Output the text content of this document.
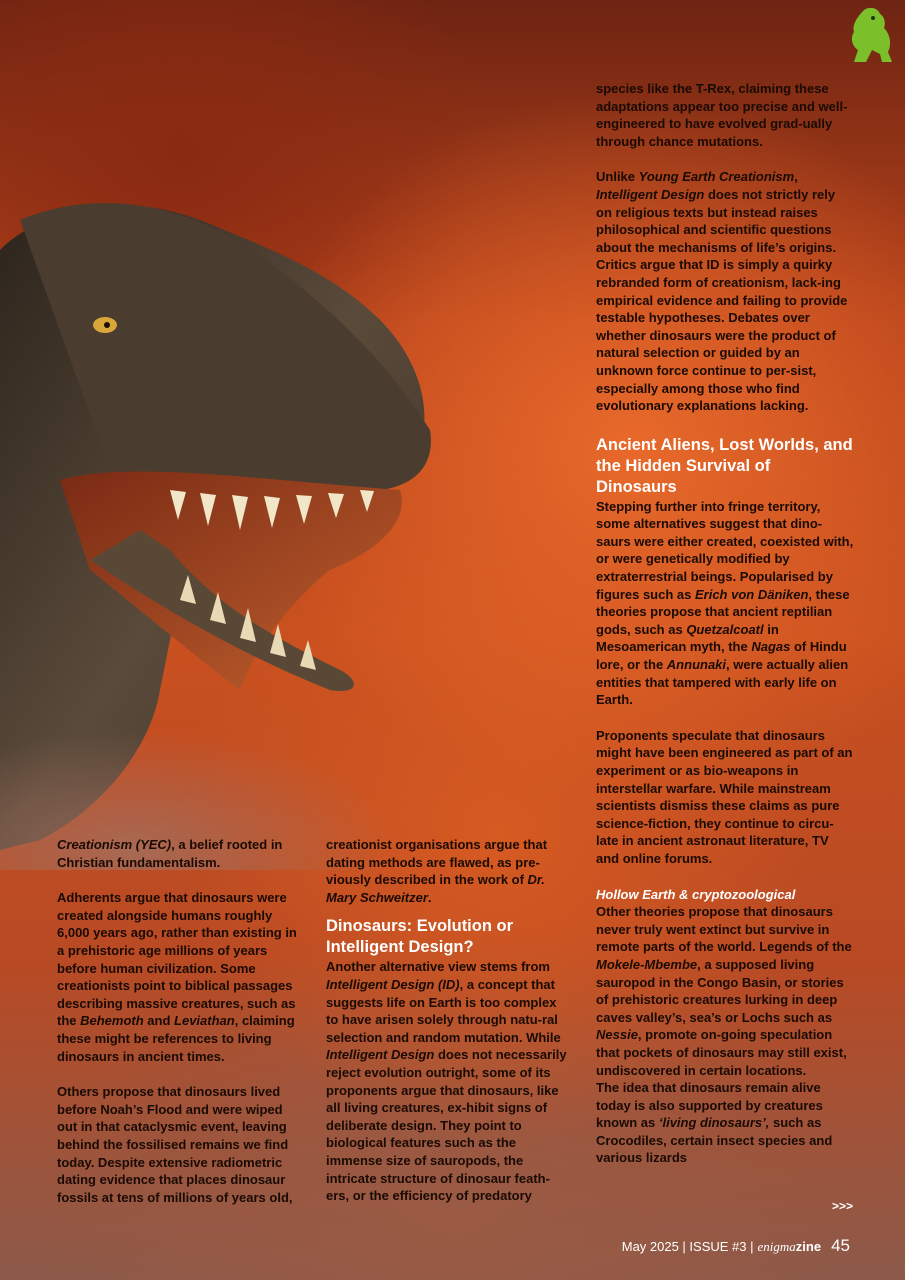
Creationism (YEC), a belief rooted in Christian fundamentalism.

Adherents argue that dinosaurs were created alongside humans roughly 6,000 years ago, rather than existing in a prehistoric age millions of years before human civilization. Some creationists point to biblical passages describing massive creatures, such as the Behemoth and Leviathan, claiming these might be references to living dinosaurs in ancient times.

Others propose that dinosaurs lived before Noah’s Flood and were wiped out in that cataclysmic event, leaving behind the fossilised remains we find today. Despite extensive radiometric dating evidence that places dinosaur fossils at tens of millions of years old,

creationist organisations argue that dating methods are flawed, as pre-viously described in the work of Dr. Mary Schweitzer.

Dinosaurs: Evolution or Intelligent Design?

Another alternative view stems from Intelligent Design (ID), a concept that suggests life on Earth is too complex to have arisen solely through natu-ral selection and random mutation. While Intelligent Design does not necessarily reject evolution outright, some of its proponents argue that dinosaurs, like all living creatures, ex-hibit signs of deliberate design. They point to biological features such as the immense size of sauropods, the intricate structure of dinosaur feath-ers, or the efficiency of predatory

species like the T-Rex, claiming these adaptations appear too precise and well-engineered to have evolved grad-ually through chance mutations.

Unlike Young Earth Creationism, Intelligent Design does not strictly rely on religious texts but instead raises philosophical and scientific questions about the mechanisms of life’s origins. Critics argue that ID is simply a quirky rebranded form of creationism, lack-ing empirical evidence and failing to provide testable hypotheses. Debates over whether dinosaurs were the product of natural selection or guided by an unknown force continue to per-sist, especially among those who find evolutionary explanations lacking.

Ancient Aliens, Lost Worlds, and the Hidden Survival of Dinosaurs

Stepping further into fringe territory, some alternatives suggest that dino-saurs were either created, coexisted with, or were genetically modified by extraterrestrial beings. Popularised by figures such as Erich von Däniken, these theories propose that ancient reptilian gods, such as Quetzalcoatl in Mesoamerican myth, the Nagas of Hindu lore, or the Annunaki, were actually alien entities that tampered with early life on Earth.

Proponents speculate that dinosaurs might have been engineered as part of an experiment or as bio-weapons in interstellar warfare. While mainstream scientists dismiss these claims as pure science-fiction, they continue to circu-late in ancient astronaut literature, TV and online forums.

Hollow Earth & cryptozoological

Other theories propose that dinosaurs never truly went extinct but survive in remote parts of the world. Legends of the Mokele-Mbembe, a supposed living sauropod in the Congo Basin, or stories of prehistoric creatures lurking in deep caves valley’s, sea’s or Lochs such as Nessie, promote on-going speculation that pockets of dinosaurs may still exist, undiscovered in certain locations.

The idea that dinosaurs remain alive today is also supported by creatures known as ‘living dinosaurs’, such as Crocodiles, certain insect species and various lizards

>>>
May 2025 | ISSUE #3 | enigmazine 45
